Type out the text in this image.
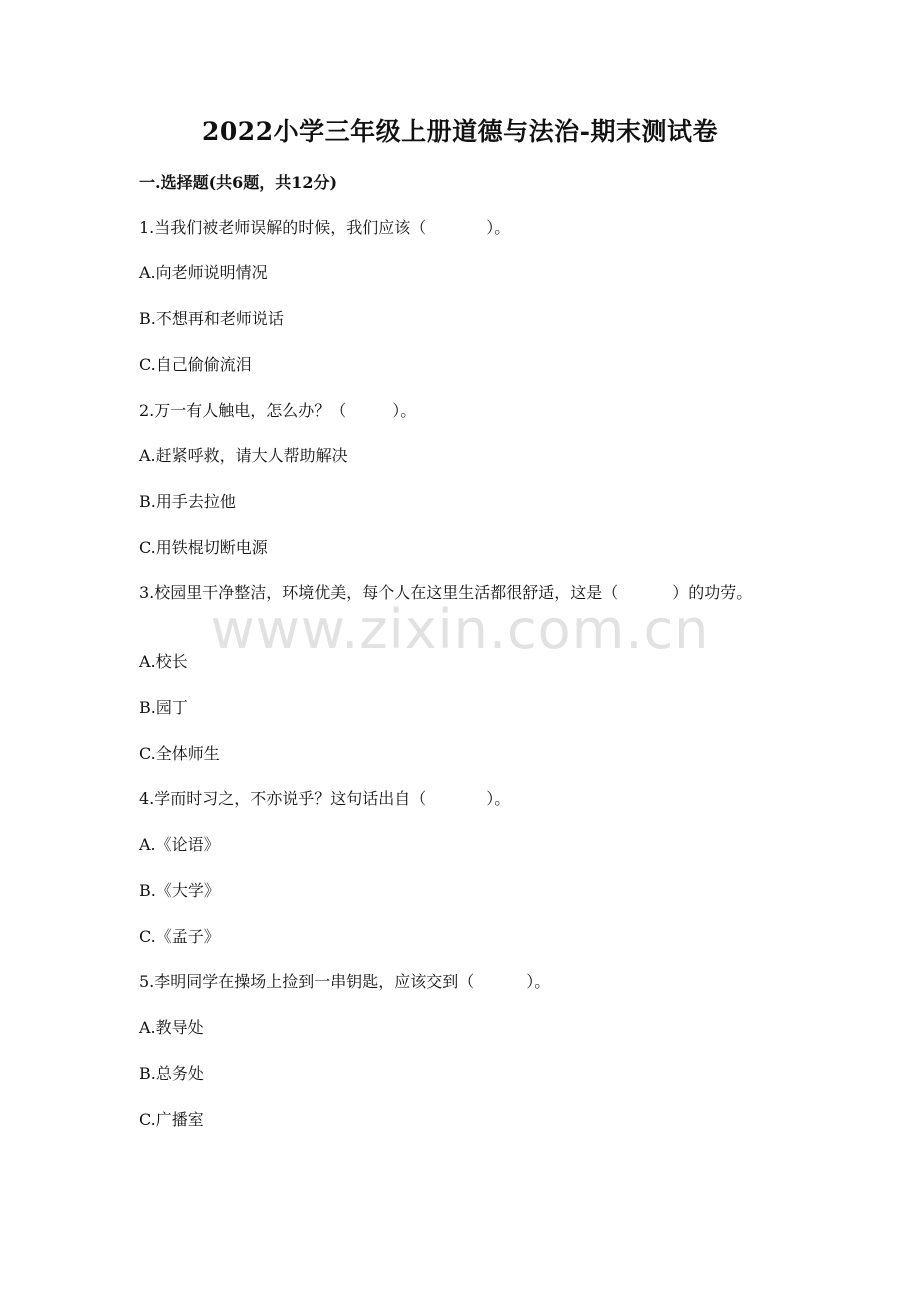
2022小学三年级上册道德与法治-期末测试卷
一.选择题(共6题，共12分)
1.当我们被老师误解的时候，我们应该（	）。
A.向老师说明情况
B.不想再和老师说话
C.自己偷偷流泪
2.万一有人触电，怎么办？（	）。
A.赶紧呼救，请大人帮助解决
B.用手去拉他
C.用铁棍切断电源
3.校园里干净整洁，环境优美，每个人在这里生活都很舒适，这是（	）的功劳。
A.校长
B.园丁
C.全体师生
4.学而时习之，不亦说乎？这句话出自（	）。
A.《论语》
B.《大学》
C.《孟子》
5.李明同学在操场上捡到一串钥匙，应该交到（	）。
A.教导处
B.总务处
C.广播室
www.zixin.com.cn
